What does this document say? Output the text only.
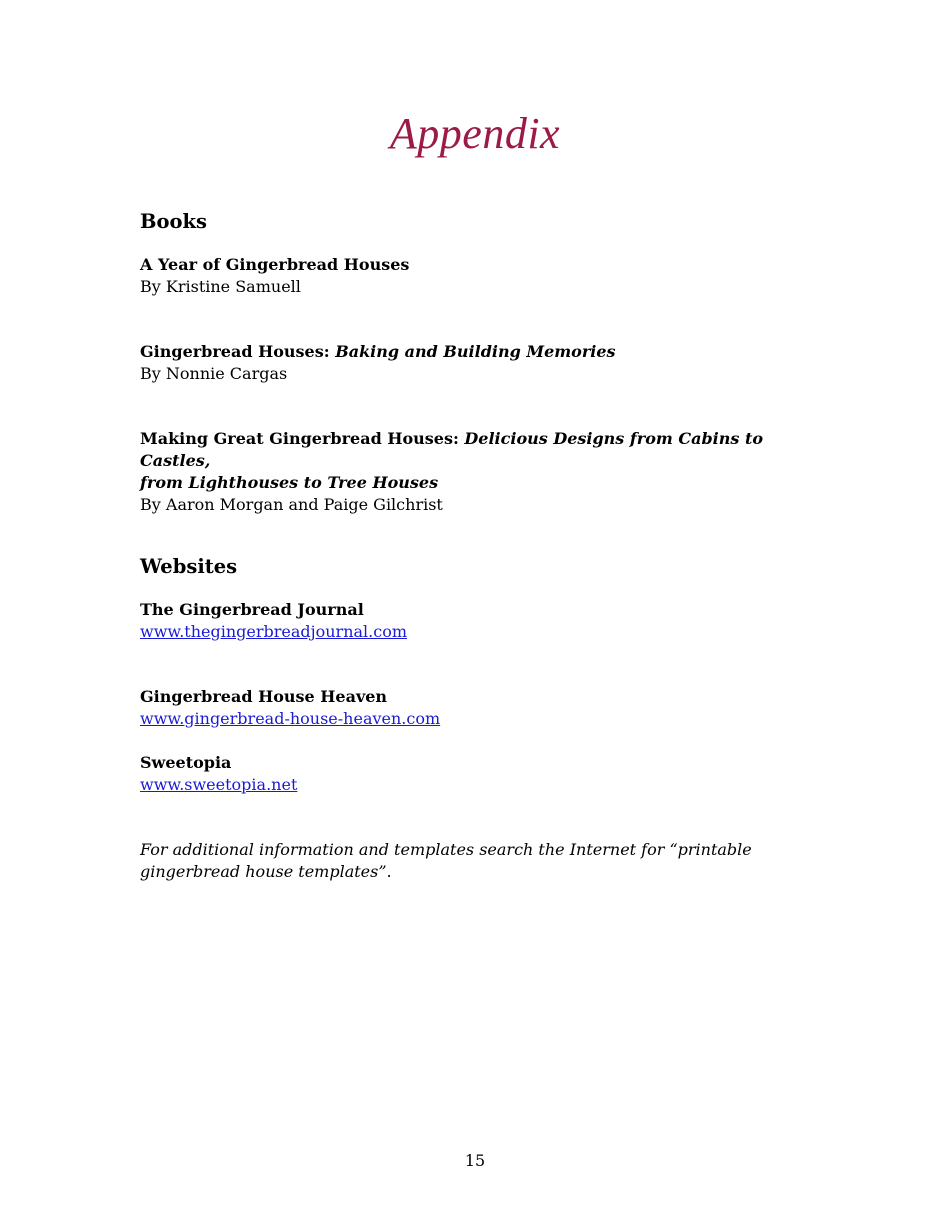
Appendix
Books
A Year of Gingerbread Houses
By Kristine Samuell
Gingerbread Houses: Baking and Building Memories
By Nonnie Cargas
Making Great Gingerbread Houses: Delicious Designs from Cabins to Castles,
from Lighthouses to Tree Houses
By Aaron Morgan and Paige Gilchrist
Websites
The Gingerbread Journal
www.thegingerbreadjournal.com
Gingerbread House Heaven
www.gingerbread-house-heaven.com
Sweetopia
www.sweetopia.net

For additional information and templates search the Internet for “printable
gingerbread house templates”.

15
